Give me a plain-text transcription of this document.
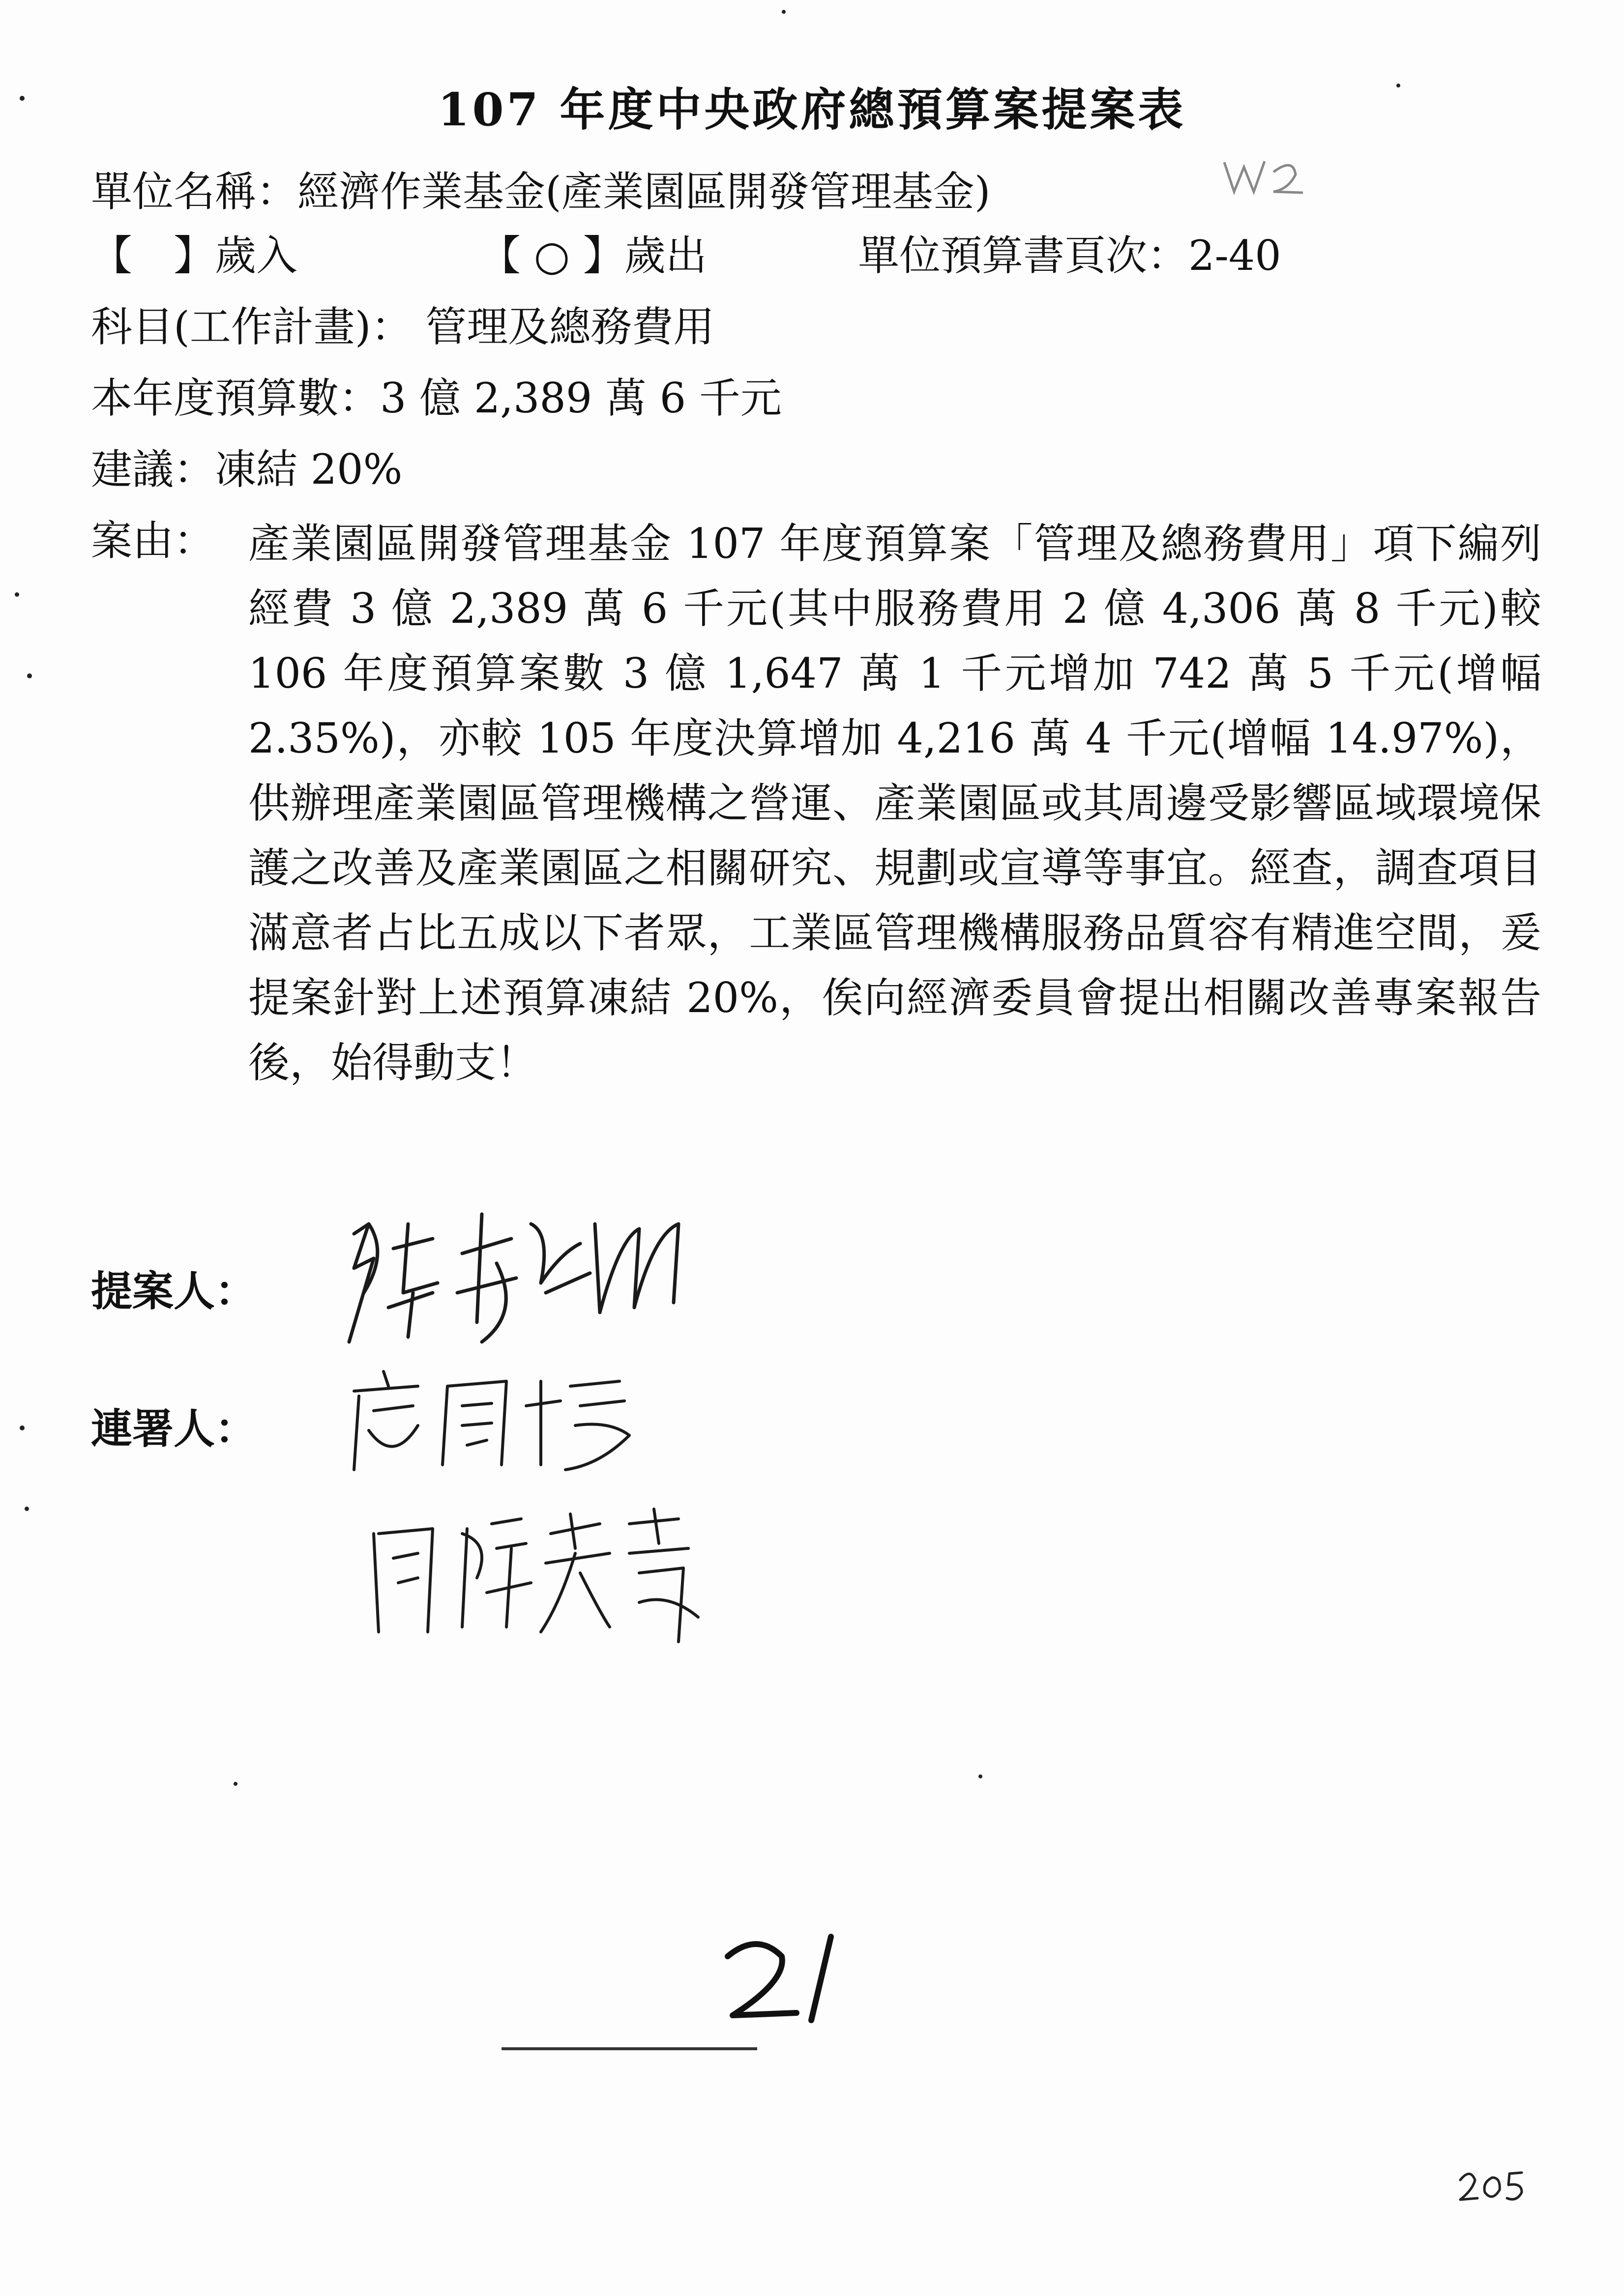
107 年度中央政府總預算案提案表
單位名稱：經濟作業基金(產業園區開發管理基金)
【　】歲入	【 ○ 】歲出	單位預算書頁次：2-40
科目(工作計畫)： 管理及總務費用
本年度預算數：3 億 2,389 萬 6 千元
建議：凍結 20%
案由： 產業園區開發管理基金 107 年度預算案「管理及總務費用」項下編列經費 3 億 2,389 萬 6 千元(其中服務費用 2 億 4,306 萬 8 千元)較 106 年度預算案數 3 億 1,647 萬 1 千元增加 742 萬 5 千元(增幅 2.35%)，亦較 105 年度決算增加 4,216 萬 4 千元(增幅 14.97%)，供辦理產業園區管理機構之營運、產業園區或其周邊受影響區域環境保護之改善及產業園區之相關研究、規劃或宣導等事宜。經查，調查項目滿意者占比五成以下者眾，工業區管理機構服務品質容有精進空間，爰提案針對上述預算凍結 20%，俟向經濟委員會提出相關改善專案報告後，始得動支！
提案人：
連署人：
